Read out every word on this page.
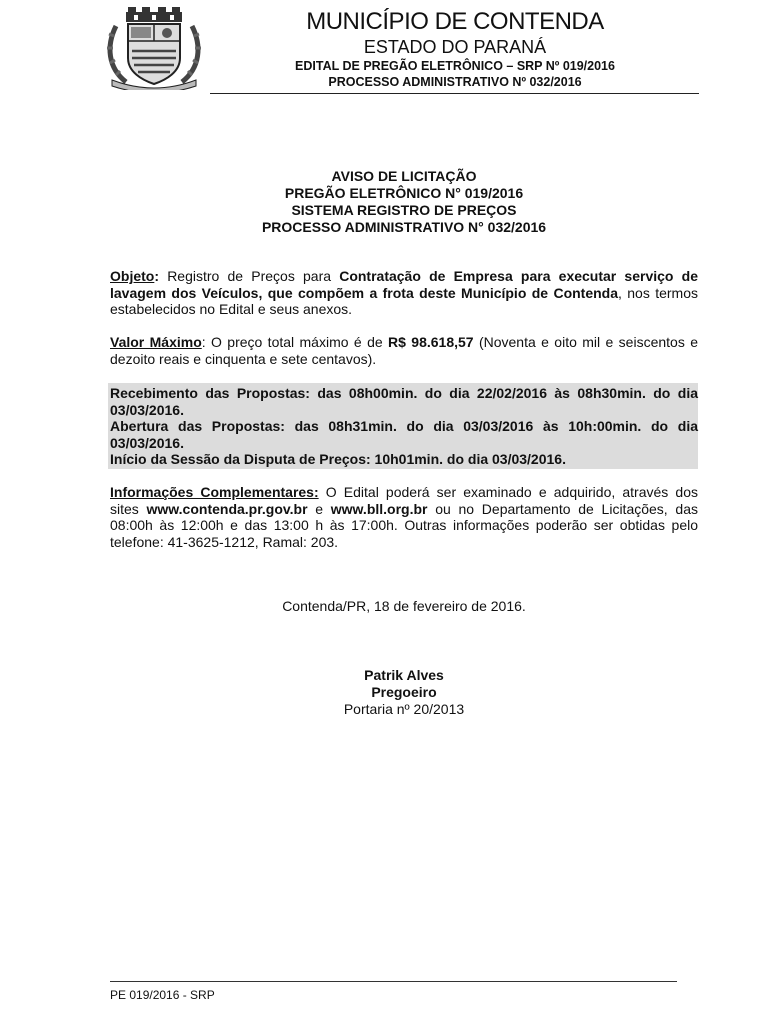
MUNICÍPIO DE CONTENDA
ESTADO DO PARANÁ
EDITAL DE PREGÃO ELETRÔNICO – SRP Nº 019/2016
PROCESSO ADMINISTRATIVO Nº 032/2016
AVISO DE LICITAÇÃO
PREGÃO ELETRÔNICO N° 019/2016
SISTEMA REGISTRO DE PREÇOS
PROCESSO ADMINISTRATIVO N° 032/2016
Objeto: Registro de Preços para Contratação de Empresa para executar serviço de lavagem dos Veículos, que compõem a frota deste Município de Contenda, nos termos estabelecidos no Edital e seus anexos.
Valor Máximo: O preço total máximo é de R$ 98.618,57 (Noventa e oito mil e seiscentos e dezoito reais e cinquenta e sete centavos).
Recebimento das Propostas: das 08h00min. do dia 22/02/2016 às 08h30min. do dia 03/03/2016.
Abertura das Propostas: das 08h31min. do dia 03/03/2016 às 10h:00min. do dia 03/03/2016.
Início da Sessão da Disputa de Preços: 10h01min. do dia 03/03/2016.
Informações Complementares: O Edital poderá ser examinado e adquirido, através dos sites www.contenda.pr.gov.br e www.bll.org.br ou no Departamento de Licitações, das 08:00h às 12:00h e das 13:00 h às 17:00h. Outras informações poderão ser obtidas pelo telefone: 41-3625-1212, Ramal: 203.
Contenda/PR, 18 de fevereiro de 2016.
Patrik Alves
Pregoeiro
Portaria nº 20/2013
PE 019/2016 - SRP
